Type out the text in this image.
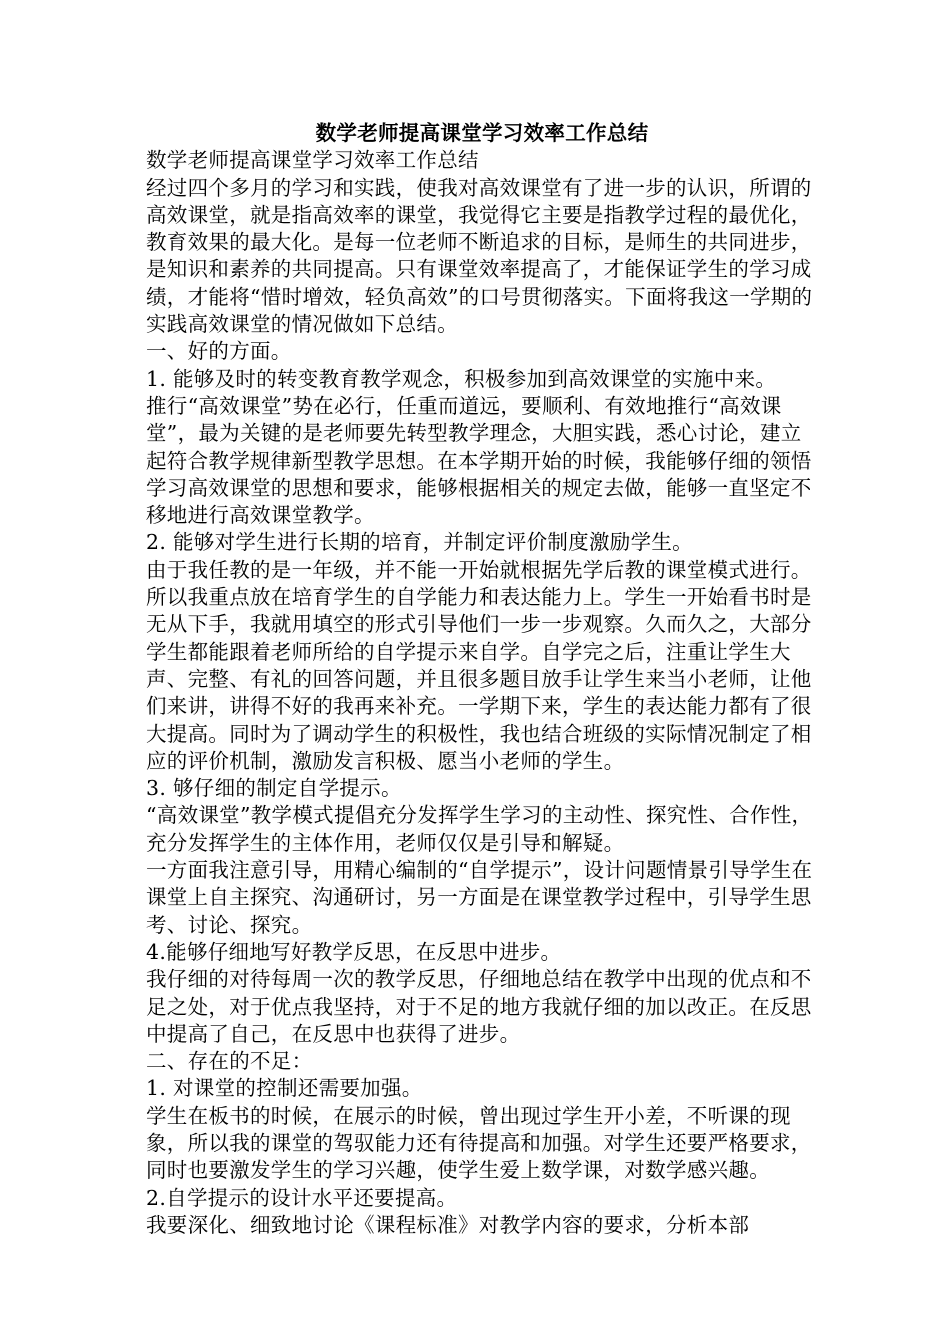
数学老师提高课堂学习效率工作总结

数学老师提高课堂学习效率工作总结

经过四个多月的学习和实践，使我对高效课堂有了进一步的认识，所谓的高效课堂，就是指高效率的课堂，我觉得它主要是指教学过程的最优化，教育效果的最大化。是每一位老师不断追求的目标，是师生的共同进步，是知识和素养的共同提高。只有课堂效率提高了，才能保证学生的学习成绩，才能将“惜时增效，轻负高效”的口号贯彻落实。下面将我这一学期的实践高效课堂的情况做如下总结。

一、好的方面。

1. 能够及时的转变教育教学观念，积极参加到高效课堂的实施中来。

推行“高效课堂”势在必行，任重而道远，要顺利、有效地推行“高效课堂”，最为关键的是老师要先转型教学理念，大胆实践，悉心讨论，建立起符合教学规律新型教学思想。在本学期开始的时候，我能够仔细的领悟学习高效课堂的思想和要求，能够根据相关的规定去做，能够一直坚定不移地进行高效课堂教学。

2. 能够对学生进行长期的培育，并制定评价制度激励学生。

由于我任教的是一年级，并不能一开始就根据先学后教的课堂模式进行。所以我重点放在培育学生的自学能力和表达能力上。学生一开始看书时是无从下手，我就用填空的形式引导他们一步一步观察。久而久之，大部分学生都能跟着老师所给的自学提示来自学。自学完之后，注重让学生大声、完整、有礼的回答问题，并且很多题目放手让学生来当小老师，让他们来讲，讲得不好的我再来补充。一学期下来，学生的表达能力都有了很大提高。同时为了调动学生的积极性，我也结合班级的实际情况制定了相应的评价机制，激励发言积极、愿当小老师的学生。

3. 够仔细的制定自学提示。

“高效课堂”教学模式提倡充分发挥学生学习的主动性、探究性、合作性，充分发挥学生的主体作用，老师仅仅是引导和解疑。

一方面我注意引导，用精心编制的“自学提示”，设计问题情景引导学生在课堂上自主探究、沟通研讨，另一方面是在课堂教学过程中，引导学生思考、讨论、探究。

4.能够仔细地写好教学反思，在反思中进步。

我仔细的对待每周一次的教学反思，仔细地总结在教学中出现的优点和不足之处，对于优点我坚持，对于不足的地方我就仔细的加以改正。在反思中提高了自己，在反思中也获得了进步。

二、存在的不足：

1. 对课堂的控制还需要加强。

学生在板书的时候，在展示的时候，曾出现过学生开小差，不听课的现象，所以我的课堂的驾驭能力还有待提高和加强。对学生还要严格要求，同时也要激发学生的学习兴趣，使学生爱上数学课，对数学感兴趣。

2.自学提示的设计水平还要提高。

我要深化、细致地讨论《课程标准》对教学内容的要求，分析本部
